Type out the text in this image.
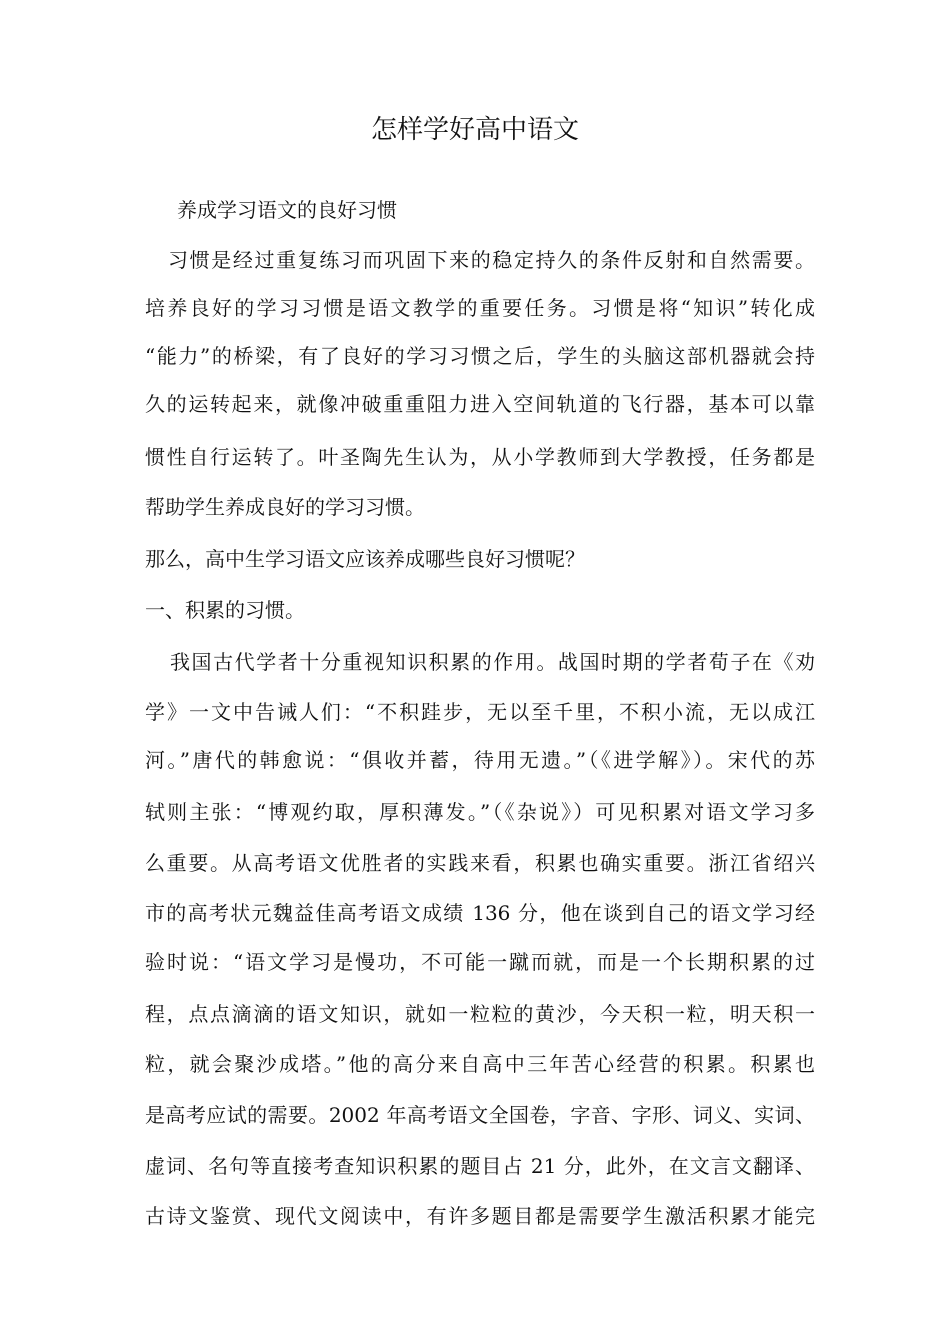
怎样学好高中语文
养成学习语文的良好习惯
习惯是经过重复练习而巩固下来的稳定持久的条件反射和自然需要。
培养良好的学习习惯是语文教学的重要任务。习惯是将“知识”转化成
“能力”的桥梁，有了良好的学习习惯之后，学生的头脑这部机器就会持
久的运转起来，就像冲破重重阻力进入空间轨道的飞行器，基本可以靠
惯性自行运转了。叶圣陶先生认为，从小学教师到大学教授，任务都是
帮助学生养成良好的学习习惯。
那么，高中生学习语文应该养成哪些良好习惯呢？
一、积累的习惯。
我国古代学者十分重视知识积累的作用。战国时期的学者荀子在《劝
学》一文中告诫人们：“不积跬步，无以至千里，不积小流，无以成江
河。”唐代的韩愈说：“俱收并蓄，待用无遗。”（《进学解》）。宋代的苏
轼则主张：“博观约取，厚积薄发。”（《杂说》）可见积累对语文学习多
么重要。从高考语文优胜者的实践来看，积累也确实重要。浙江省绍兴
市的高考状元魏益佳高考语文成绩 136 分，他在谈到自己的语文学习经
验时说：“语文学习是慢功，不可能一蹴而就，而是一个长期积累的过
程，点点滴滴的语文知识，就如一粒粒的黄沙，今天积一粒，明天积一
粒，就会聚沙成塔。”他的高分来自高中三年苦心经营的积累。积累也
是高考应试的需要。2002 年高考语文全国卷，字音、字形、词义、实词、
虚词、名句等直接考查知识积累的题目占 21 分，此外，在文言文翻译、
古诗文鉴赏、现代文阅读中，有许多题目都是需要学生激活积累才能完
